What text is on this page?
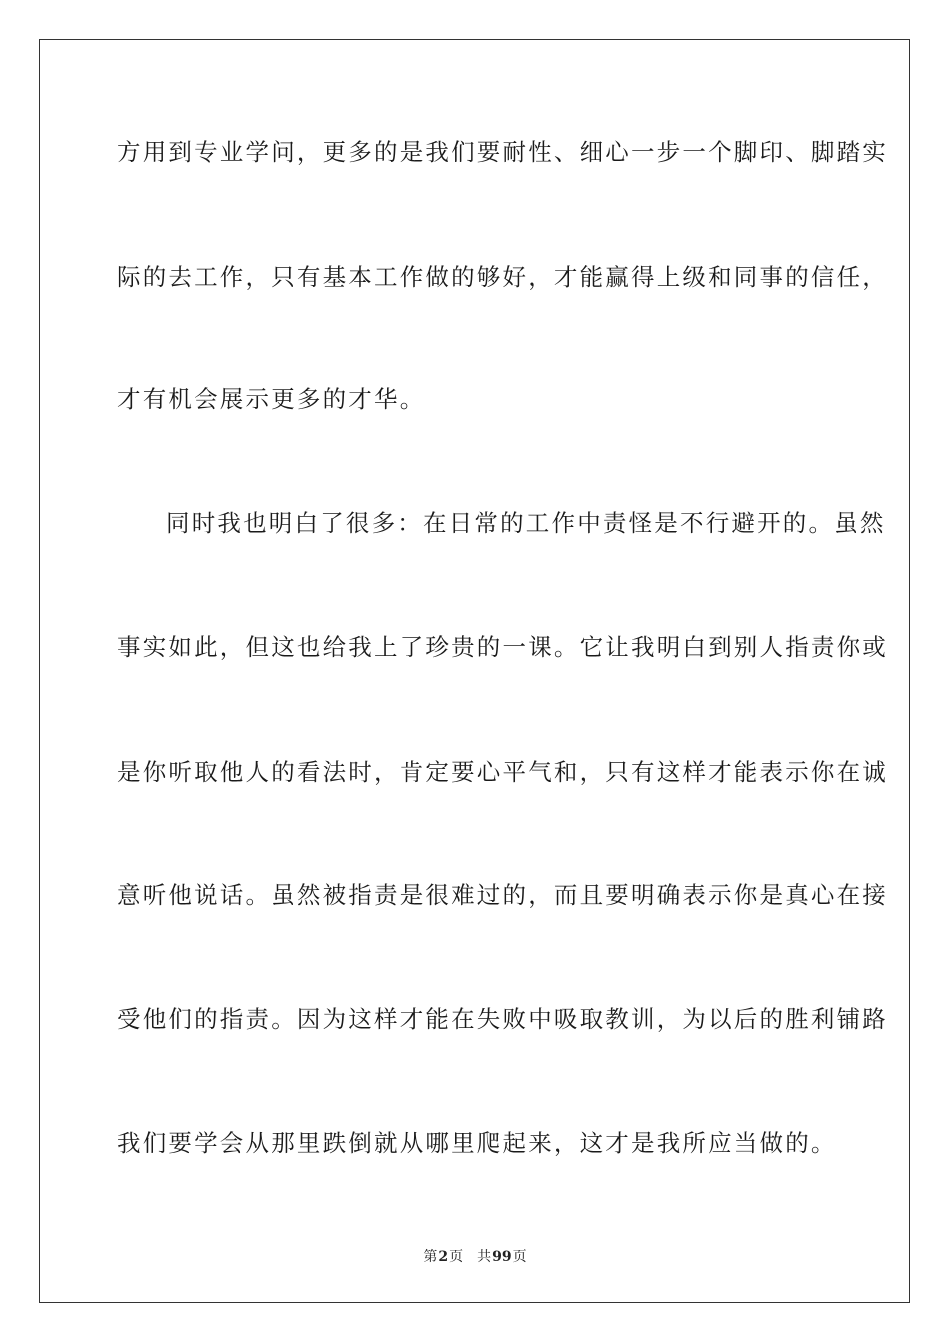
方用到专业学问，更多的是我们要耐性、细心一步一个脚印、脚踏实
际的去工作，只有基本工作做的够好，才能赢得上级和同事的信任，
才有机会展示更多的才华。
同时我也明白了很多：在日常的工作中责怪是不行避开的。虽然
事实如此，但这也给我上了珍贵的一课。它让我明白到别人指责你或
是你听取他人的看法时，肯定要心平气和，只有这样才能表示你在诚
意听他说话。虽然被指责是很难过的，而且要明确表示你是真心在接
受他们的指责。因为这样才能在失败中吸取教训，为以后的胜利铺路
我们要学会从那里跌倒就从哪里爬起来，这才是我所应当做的。
第2页 共99页
